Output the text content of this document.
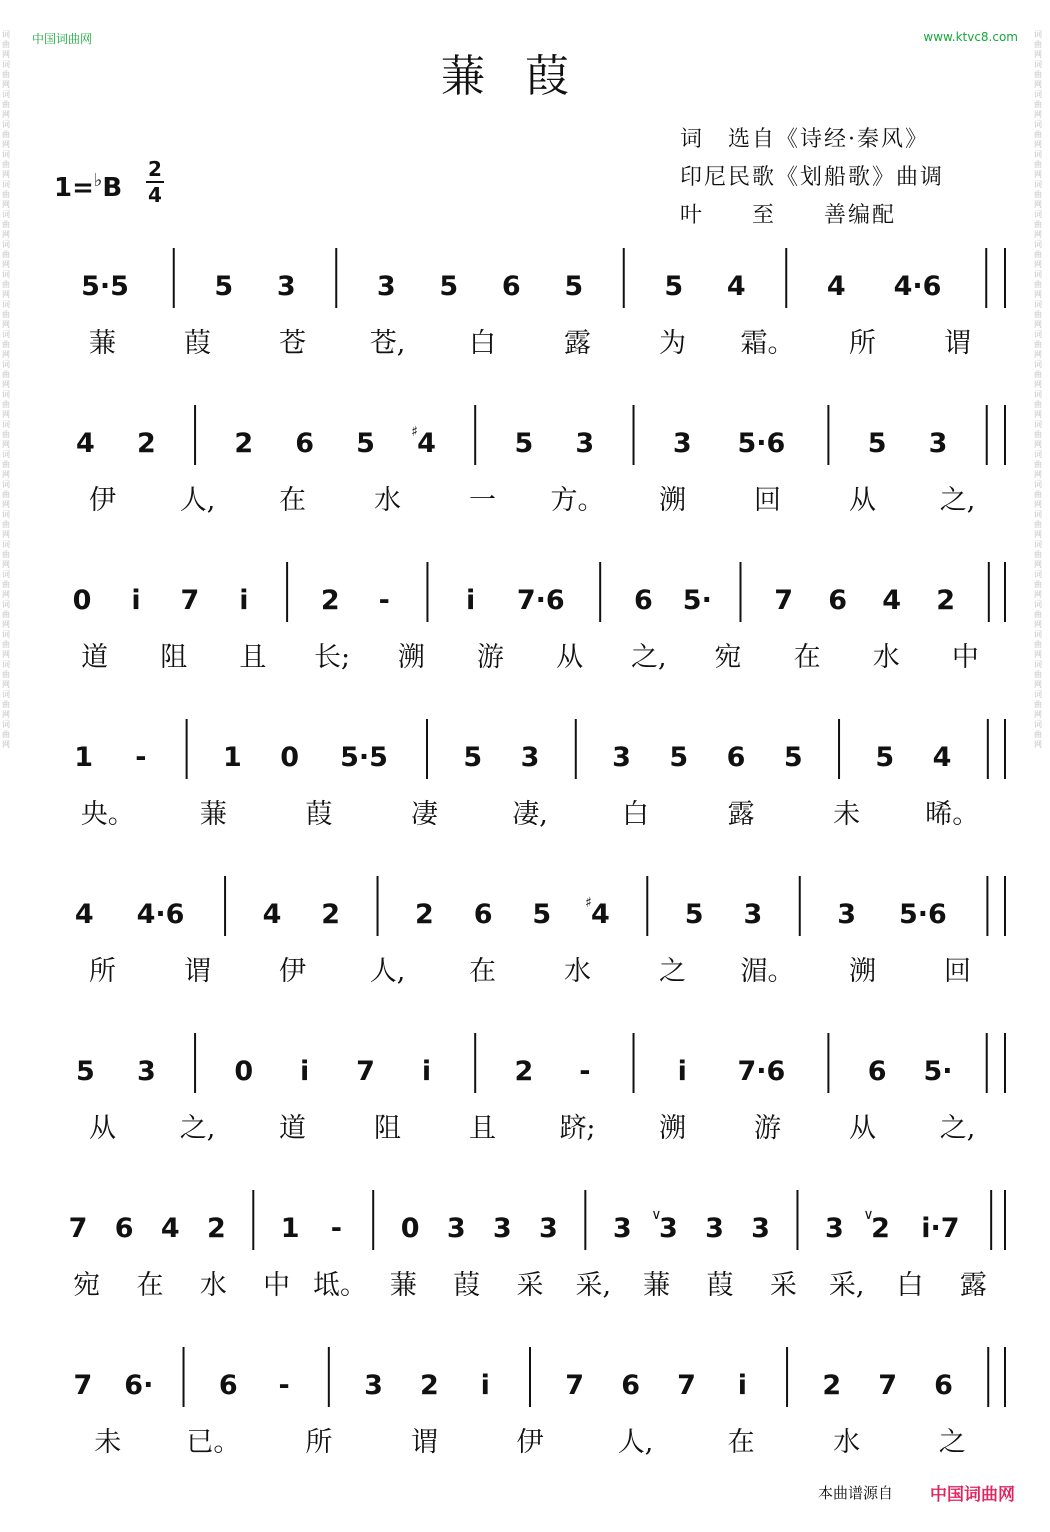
词曲网词曲网词曲网词曲网词曲网词曲网词曲网词曲网词曲网词曲网词曲网词曲网词曲网词曲网词曲网词曲网词曲网词曲网词曲网词曲网词曲网词曲网词曲网词曲网
词曲网词曲网词曲网词曲网词曲网词曲网词曲网词曲网词曲网词曲网词曲网词曲网词曲网词曲网词曲网词曲网词曲网词曲网词曲网词曲网词曲网词曲网词曲网词曲网
中国词曲网	www.ktvc8.com
蒹葭
词　选自《诗经·秦风》
印尼民歌《划船歌》曲调
叶　　至　　善编配
1=♭B
2
4
5·5	5 3	3 5 6 5	5 4	4 4·6
蒹	葭	苍 苍, 白	露	为 霜。 所	谓
4 2	2 6 5	♯ 4	5 3	3 5·6	5 3
伊 人, 在	水	一 方。 溯	回	从 之,
0 i 7 i	2 -	i 7·6	6 5· 7 6 4 2
道 阻 且 长; 溯 游 从 之, 宛 在 水 中
1 -	1 0 5·5	5 3	3 5 6 5	5 4
央。 蒹	葭	凄	凄,	白	露	未 晞。
4 4·6	4 2	2 6 5 ♯ 4	5 3	3 5·6
所	谓	伊 人, 在	水	之 湄。 溯	回
5 3	0 i 7 i	2 -	i 7·6	6 5·
从 之, 道	阻	且 跻; 溯	游	从 之,
7 6 4 2 1 - 0 3 3 3 3 ∨
3 3 3 3 ∨
2 i·7
宛 在 水 中 坻。 蒹 葭 采 采, 蒹 葭 采 采, 白 露
7 6· 6 -	3 2 i	7 6 7 i	2 7 6
未 已。 所	谓	伊	人,	在	水	之
本曲谱源自 中国词曲网
